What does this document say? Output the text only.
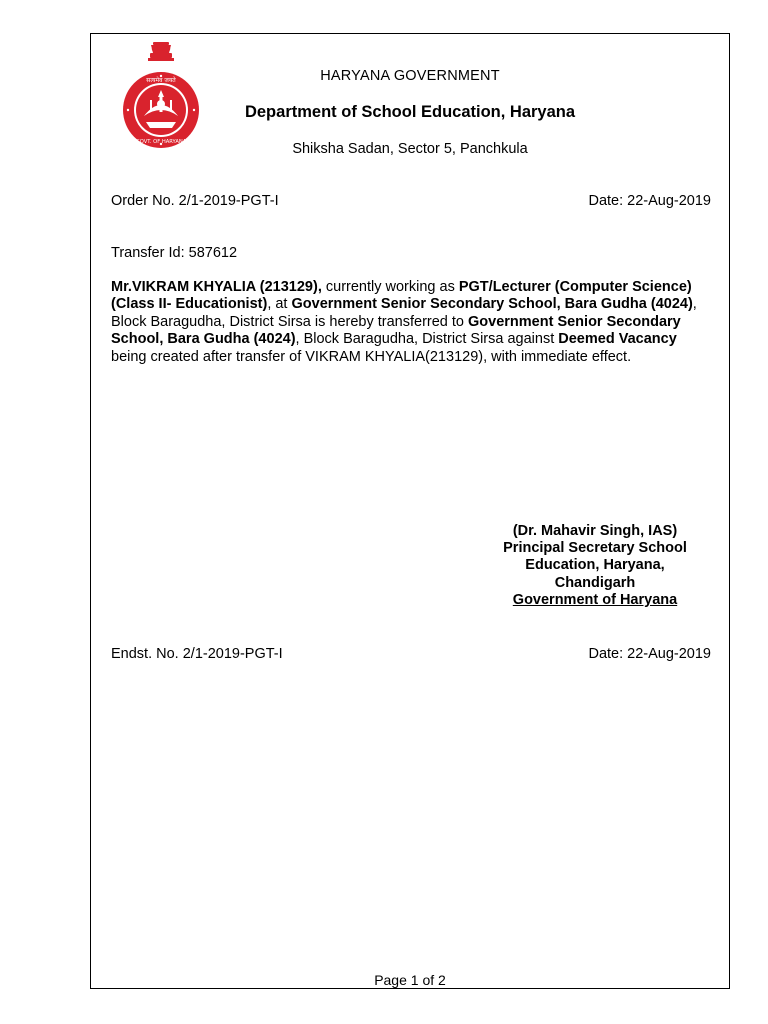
सत्यमेव जयते
GOVT. OF HARYANA
HARYANA GOVERNMENT
Department of School Education, Haryana
Shiksha Sadan, Sector 5, Panchkula
Order No. 2/1-2019-PGT-I	Date: 22-Aug-2019
Transfer Id: 587612
Mr.VIKRAM KHYALIA (213129), currently working as PGT/Lecturer (Computer Science) (Class II- Educationist), at Government Senior Secondary School, Bara Gudha (4024), Block Baragudha, District Sirsa is hereby transferred to Government Senior Secondary School, Bara Gudha (4024), Block Baragudha, District Sirsa against Deemed Vacancy being created after transfer of VIKRAM KHYALIA(213129), with immediate effect.
(Dr. Mahavir Singh, IAS)
Principal Secretary School
Education, Haryana,
Chandigarh
Government of Haryana
Endst. No. 2/1-2019-PGT-I	Date: 22-Aug-2019
Page 1 of 2
